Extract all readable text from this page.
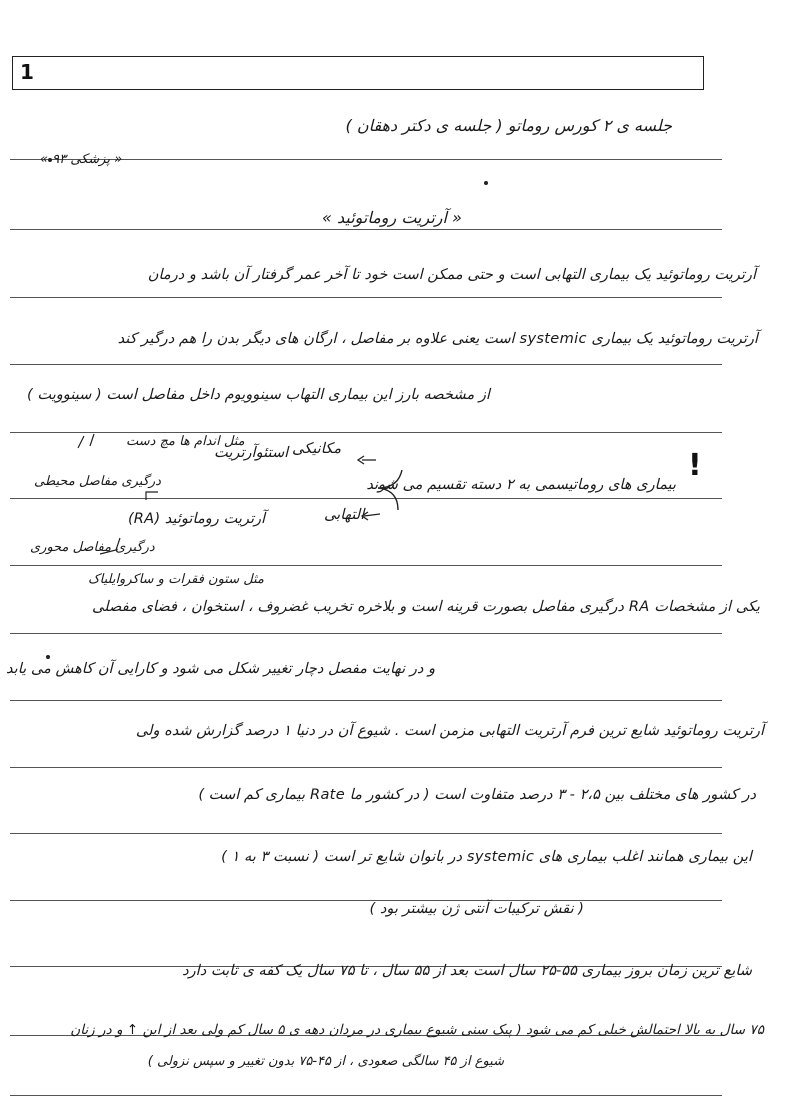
1
جلسه ی ۲ کورس روماتو ( جلسه ی دکتر دهقان )
« پزشکی ۹۳ »
« آرتریت روماتوئید »
آرتریت روماتوئید یک بیماری التهابی است و حتی ممکن است خود تا آخر عمر گرفتار آن باشد و درمان
آرتریت روماتوئید یک بیماری systemic است یعنی علاوه بر مفاصل ، ارگان های دیگر بدن را هم درگیر کند
از مشخصه بارز این بیماری التهاب سینوویوم داخل مفاصل است ( سینوویت )
!
بیماری های روماتیسمی به ۲ دسته تقسیم می شوند
مکانیکی
استئوآرتریت
مثل اندام ها مچ دست
التهابی
آرتریت روماتوئید (RA)
درگیری مفاصل محیطی
درگیری مفاصل محوری
مثل ستون فقرات و ساکروایلیاک
یکی از مشخصات RA درگیری مفاصل بصورت قرینه است و بلاخره تخریب غضروف ، استخوان ، فضای مفصلی
و در نهایت مفصل دچار تغییر شکل می شود و کارایی آن کاهش می یابد
آرتریت روماتوئید شایع ترین فرم آرتریت التهابی مزمن است . شیوع آن در دنیا ۱ درصد گزارش شده ولی
در کشور های مختلف بین ۲،۵ - ۳ درصد متفاوت است ( در کشور ما Rate بیماری کم است )
این بیماری همانند اغلب بیماری های systemic در بانوان شایع تر است ( نسبت ۳ به ۱ )
( نقش ترکیبات آنتی ژن بیشتر بود )
شایع ترین زمان بروز بیماری ۵۵-۲۵ سال است بعد از ۵۵ سال ، تا ۷۵ سال یک کفه ی ثابت دارد
۷۵ سال به بالا احتمالش خیلی کم می شود ( پیک سنی شیوع بیماری در مردان دهه ی ۵ سال کم ولی بعد از این ↑ و در زنان
شیوع از ۴۵ سالگی صعودی ، از ۴۵-۷۵ بدون تغییر و سپس نزولی )
